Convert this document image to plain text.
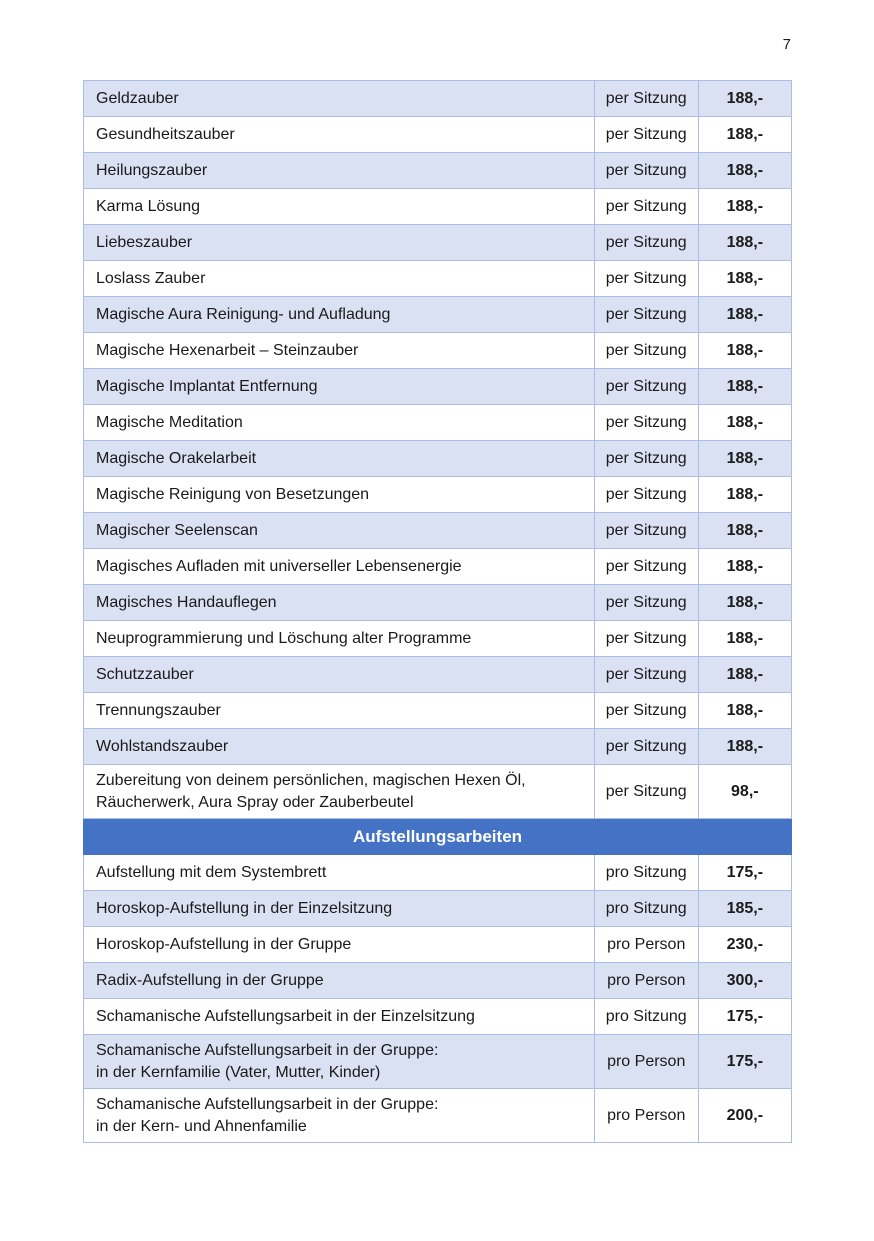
7
Geldzauber	per Sitzung	188,-

Gesundheitszauber	per Sitzung	188,-

Heilungszauber	per Sitzung	188,-

Karma Lösung	per Sitzung	188,-

Liebeszauber	per Sitzung	188,-

Loslass Zauber	per Sitzung	188,-

Magische Aura Reinigung- und Aufladung	per Sitzung	188,-

Magische Hexenarbeit – Steinzauber	per Sitzung	188,-

Magische Implantat Entfernung	per Sitzung	188,-

Magische Meditation	per Sitzung	188,-

Magische Orakelarbeit	per Sitzung	188,-

Magische Reinigung von Besetzungen	per Sitzung	188,-

Magischer Seelenscan	per Sitzung	188,-

Magisches Aufladen mit universeller Lebensenergie	per Sitzung	188,-

Magisches Handauflegen	per Sitzung	188,-

Neuprogrammierung und Löschung alter Programme	per Sitzung	188,-

Schutzzauber	per Sitzung	188,-

Trennungszauber	per Sitzung	188,-

Wohlstandszauber	per Sitzung	188,-

Zubereitung von deinem persönlichen, magischen Hexen Öl,
Räucherwerk, Aura Spray oder Zauberbeutel	per Sitzung	98,-
Aufstellungsarbeiten		

Aufstellung mit dem Systembrett	pro Sitzung	175,-

Horoskop-Aufstellung in der Einzelsitzung	pro Sitzung	185,-

Horoskop-Aufstellung in der Gruppe	pro Person	230,-

Radix-Aufstellung in der Gruppe	pro Person	300,-

Schamanische Aufstellungsarbeit in der Einzelsitzung	pro Sitzung	175,-

Schamanische Aufstellungsarbeit in der Gruppe:
in der Kernfamilie (Vater, Mutter, Kinder)	pro Person	175,-

Schamanische Aufstellungsarbeit in der Gruppe:
in der Kern- und Ahnenfamilie	pro Person	200,-
